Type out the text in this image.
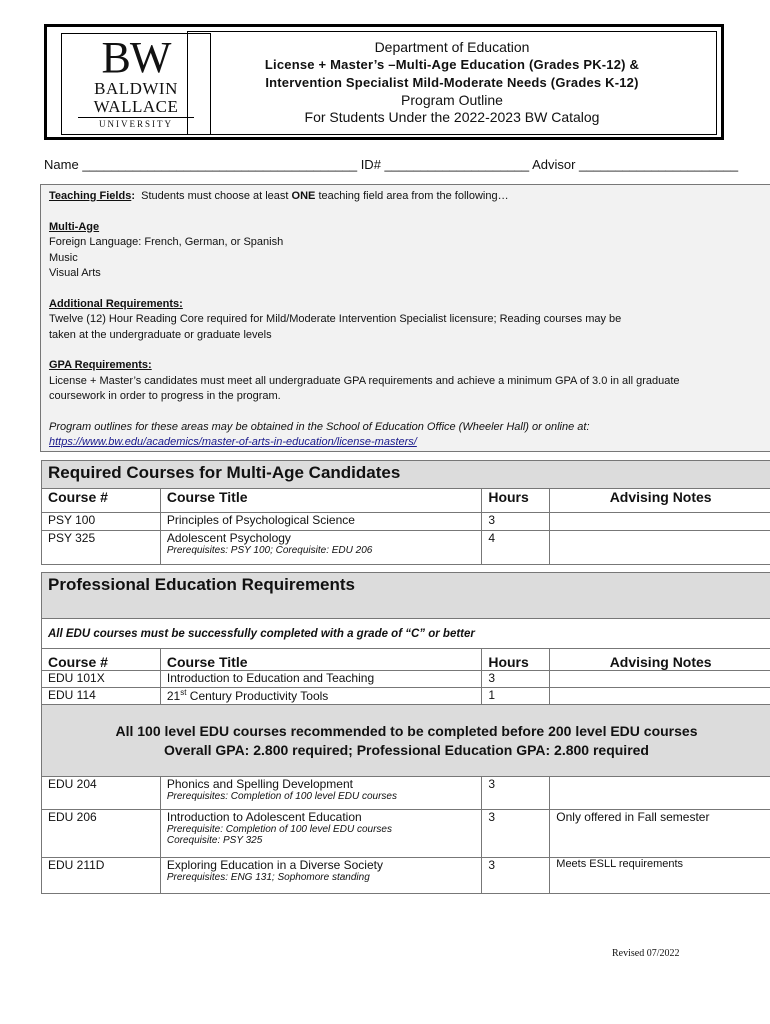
BW
BALDWIN
WALLACE
UNIVERSITY
Department of Education
License + Master’s –Multi-Age Education (Grades PK-12) &
Intervention Specialist Mild-Moderate Needs (Grades K-12)
Program Outline
For Students Under the 2022-2023 BW Catalog
Name ______________________________________ ID# ____________________ Advisor ______________________

Teaching Fields: Students must choose at least ONE teaching field area from the following…

Multi-Age

Foreign Language: French, German, or Spanish

Music

Visual Arts

Additional Requirements:

Twelve (12) Hour Reading Core required for Mild/Moderate Intervention Specialist licensure; Reading courses may be

taken at the undergraduate or graduate levels

GPA Requirements:

License + Master’s candidates must meet all undergraduate GPA requirements and achieve a minimum GPA of 3.0 in all graduate

coursework in order to progress in the program.

Program outlines for these areas may be obtained in the School of Education Office (Wheeler Hall) or online at:

https://www.bw.edu/academics/master-of-arts-in-education/license-masters/

Required Courses for Multi-Age Candidates			
Course #	Course Title	Hours	Advising Notes
PSY 100	Principles of Psychological Science	3	
PSY 325	Adolescent Psychology
Prerequisites: PSY 100; Corequisite: EDU 206	4	
Professional Education Requirements			
All EDU courses must be successfully completed with a grade of “C” or better			
Course #	Course Title	Hours	Advising Notes
EDU 101X	Introduction to Education and Teaching	3	
EDU 114	21st Century Productivity Tools	1	

All 100 level EDU courses recommended to be completed before 200 level EDU courses
Overall GPA: 2.800 required; Professional Education GPA: 2.800 required			

EDU 204	Phonics and Spelling Development
Prerequisites: Completion of 100 level EDU courses	3	
EDU 206	Introduction to Adolescent Education
Prerequisite: Completion of 100 level EDU courses
Corequisite: PSY 325	3	Only offered in Fall semester
EDU 211D	Exploring Education in a Diverse Society
Prerequisites: ENG 131; Sophomore standing	3	Meets ESLL requirements
Revised 07/2022
